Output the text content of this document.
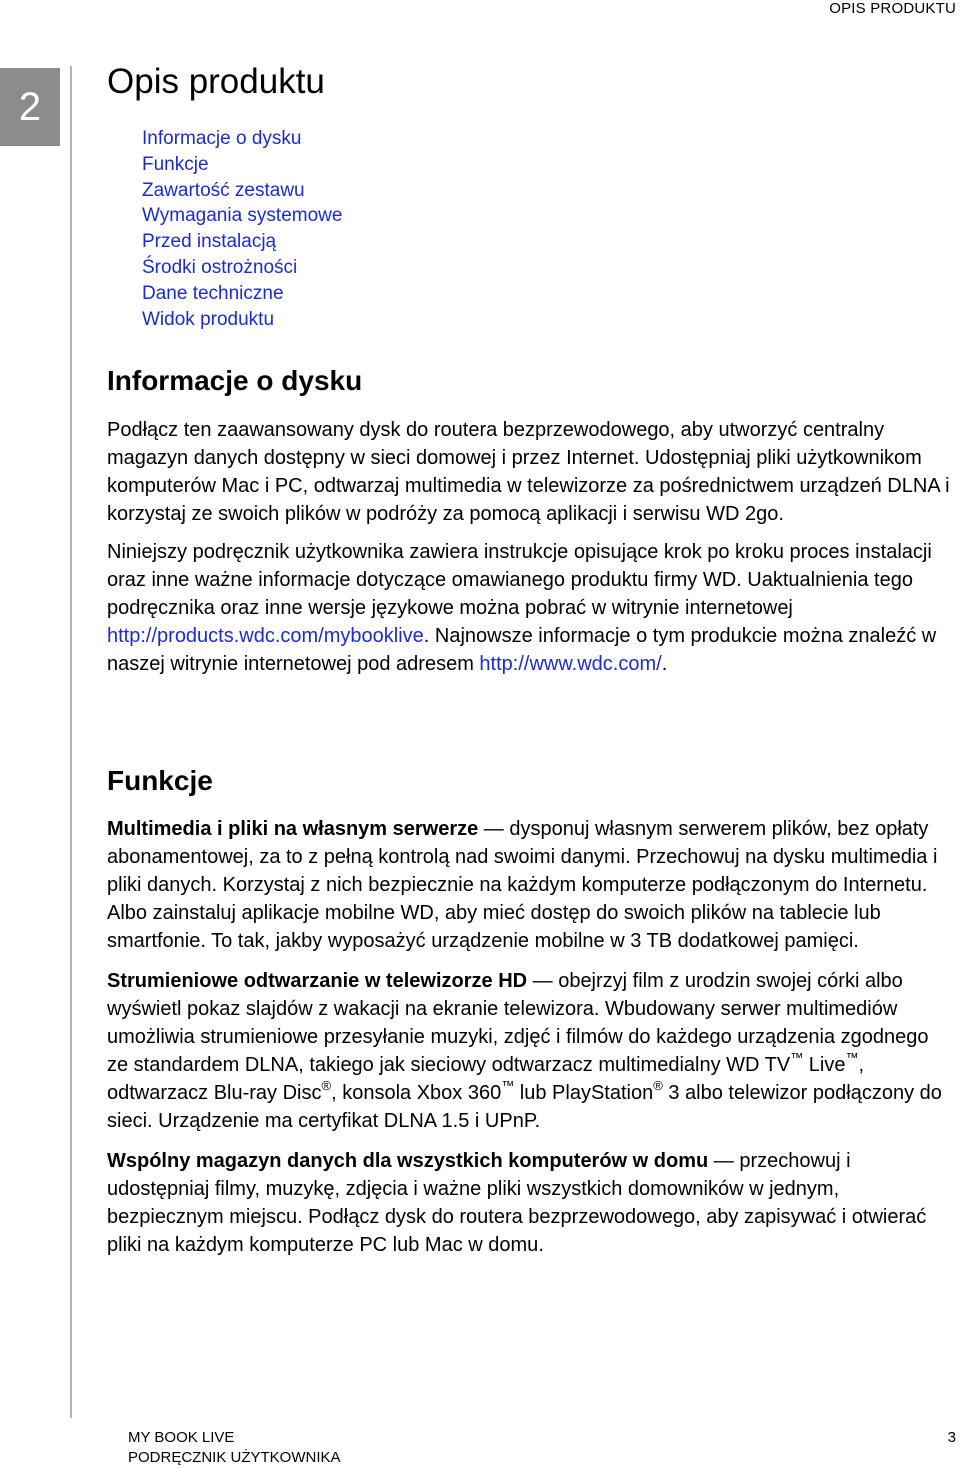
OPIS PRODUKTU
2
Opis produktu
Informacje o dysku
Funkcje
Zawartość zestawu
Wymagania systemowe
Przed instalacją
Środki ostrożności
Dane techniczne
Widok produktu
Informacje o dysku

Podłącz ten zaawansowany dysk do routera bezprzewodowego, aby utworzyć centralny magazyn danych dostępny w sieci domowej i przez Internet. Udostępniaj pliki użytkownikom komputerów Mac i PC, odtwarzaj multimedia w telewizorze za pośrednictwem urządzeń DLNA i korzystaj ze swoich plików w podróży za pomocą aplikacji i serwisu WD 2go.

Niniejszy podręcznik użytkownika zawiera instrukcje opisujące krok po kroku proces instalacji oraz inne ważne informacje dotyczące omawianego produktu firmy WD. Uaktualnienia tego podręcznika oraz inne wersje językowe można pobrać w witrynie internetowej http://products.wdc.com/mybooklive. Najnowsze informacje o tym produkcie można znaleźć w naszej witrynie internetowej pod adresem http://www.wdc.com/.

Funkcje

Multimedia i pliki na własnym serwerze — dysponuj własnym serwerem plików, bez opłaty abonamentowej, za to z pełną kontrolą nad swoimi danymi. Przechowuj na dysku multimedia i pliki danych. Korzystaj z nich bezpiecznie na każdym komputerze podłączonym do Internetu. Albo zainstaluj aplikacje mobilne WD, aby mieć dostęp do swoich plików na tablecie lub smartfonie. To tak, jakby wyposażyć urządzenie mobilne w 3 TB dodatkowej pamięci.

Strumieniowe odtwarzanie w telewizorze HD — obejrzyj film z urodzin swojej córki albo wyświetl pokaz slajdów z wakacji na ekranie telewizora. Wbudowany serwer multimediów umożliwia strumieniowe przesyłanie muzyki, zdjęć i filmów do każdego urządzenia zgodnego ze standardem DLNA, takiego jak sieciowy odtwarzacz multimedialny WD TV™ Live™, odtwarzacz Blu-ray Disc®, konsola Xbox 360™ lub PlayStation® 3 albo telewizor podłączony do sieci. Urządzenie ma certyfikat DLNA 1.5 i UPnP.

Wspólny magazyn danych dla wszystkich komputerów w domu — przechowuj i udostępniaj filmy, muzykę, zdjęcia i ważne pliki wszystkich domowników w jednym, bezpiecznym miejscu. Podłącz dysk do routera bezprzewodowego, aby zapisywać i otwierać pliki na każdym komputerze PC lub Mac w domu.

MY BOOK LIVE
PODRĘCZNIK UŻYTKOWNIKA
3
